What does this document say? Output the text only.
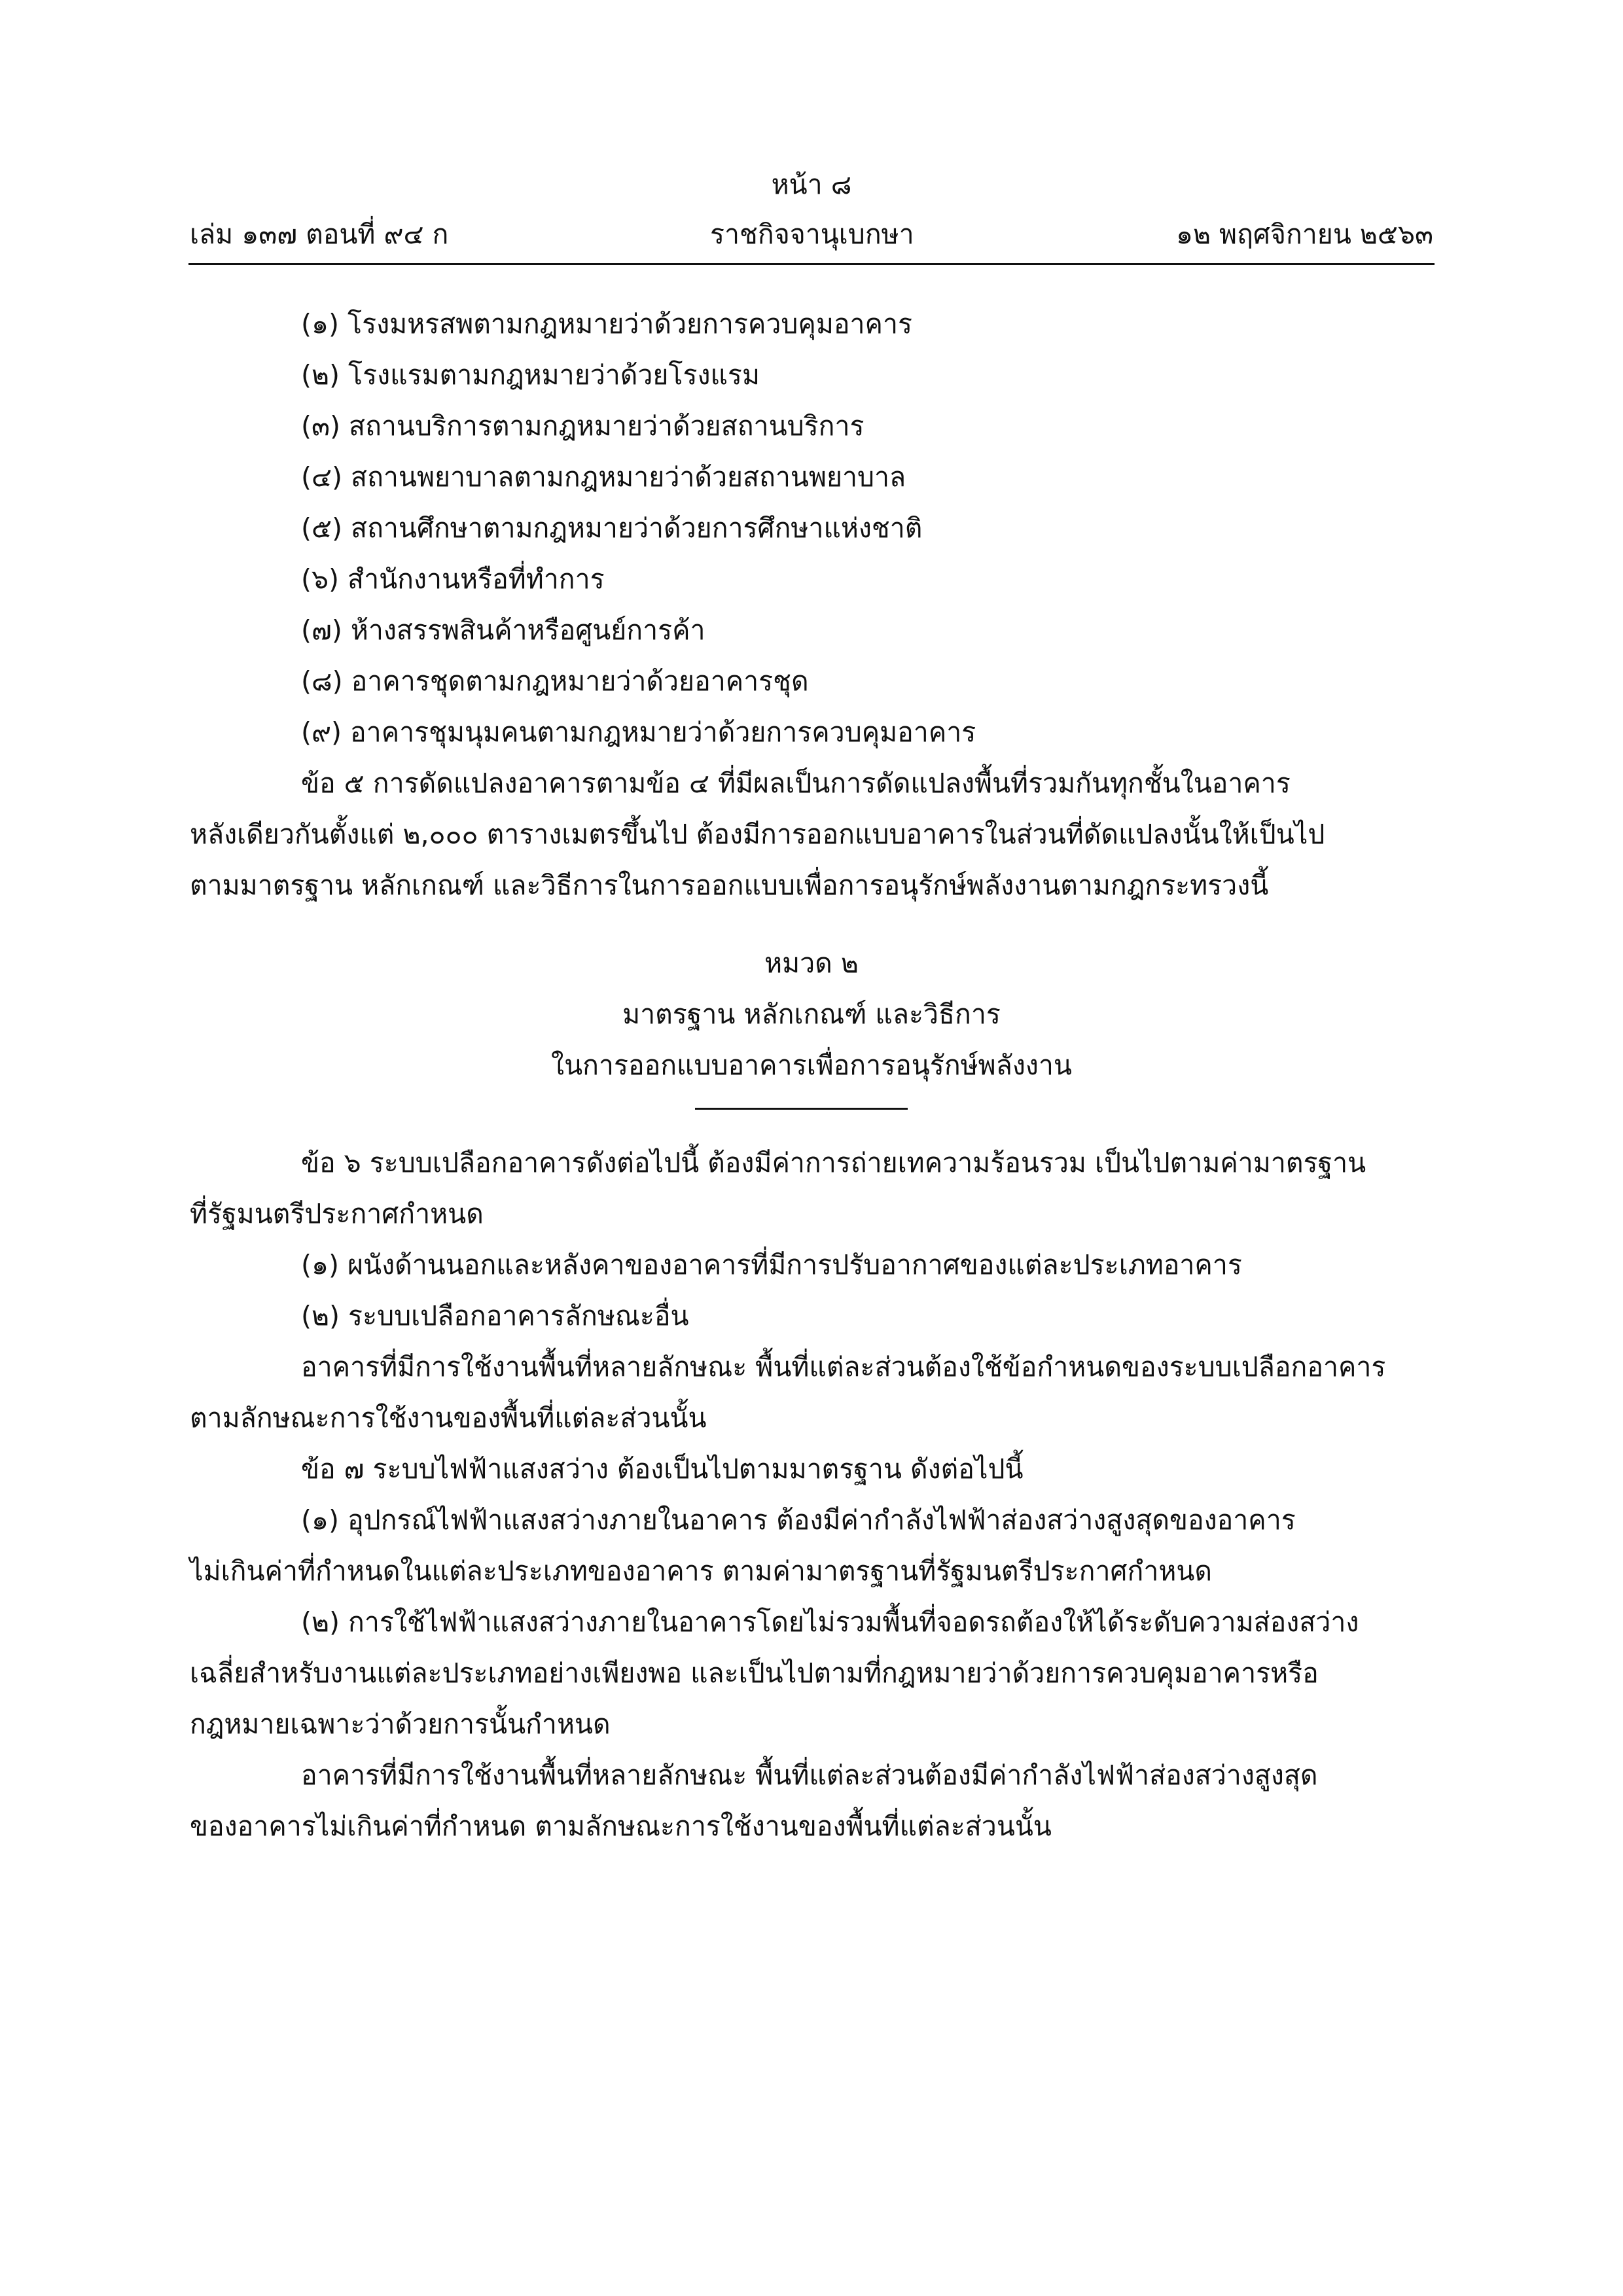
หน้า ๘
เล่ม ๑๓๗ ตอนที่ ๙๔ ก	ราชกิจจานุเบกษา	๑๒ พฤศจิกายน ๒๕๖๓
(๑) โรงมหรสพตามกฎหมายว่าด้วยการควบคุมอาคาร
(๒) โรงแรมตามกฎหมายว่าด้วยโรงแรม
(๓) สถานบริการตามกฎหมายว่าด้วยสถานบริการ
(๔) สถานพยาบาลตามกฎหมายว่าด้วยสถานพยาบาล
(๕) สถานศึกษาตามกฎหมายว่าด้วยการศึกษาแห่งชาติ
(๖) สำนักงานหรือที่ทำการ
(๗) ห้างสรรพสินค้าหรือศูนย์การค้า
(๘) อาคารชุดตามกฎหมายว่าด้วยอาคารชุด
(๙) อาคารชุมนุมคนตามกฎหมายว่าด้วยการควบคุมอาคาร
ข้อ ๕ การดัดแปลงอาคารตามข้อ ๔ ที่มีผลเป็นการดัดแปลงพื้นที่รวมกันทุกชั้นในอาคาร
หลังเดียวกันตั้งแต่ ๒,๐๐๐ ตารางเมตรขึ้นไป ต้องมีการออกแบบอาคารในส่วนที่ดัดแปลงนั้นให้เป็นไป
ตามมาตรฐาน หลักเกณฑ์ และวิธีการในการออกแบบเพื่อการอนุรักษ์พลังงานตามกฎกระทรวงนี้
หมวด ๒
มาตรฐาน หลักเกณฑ์ และวิธีการ
ในการออกแบบอาคารเพื่อการอนุรักษ์พลังงาน
ข้อ ๖ ระบบเปลือกอาคารดังต่อไปนี้ ต้องมีค่าการถ่ายเทความร้อนรวม เป็นไปตามค่ามาตรฐาน
ที่รัฐมนตรีประกาศกำหนด
(๑) ผนังด้านนอกและหลังคาของอาคารที่มีการปรับอากาศของแต่ละประเภทอาคาร
(๒) ระบบเปลือกอาคารลักษณะอื่น
อาคารที่มีการใช้งานพื้นที่หลายลักษณะ พื้นที่แต่ละส่วนต้องใช้ข้อกำหนดของระบบเปลือกอาคาร
ตามลักษณะการใช้งานของพื้นที่แต่ละส่วนนั้น
ข้อ ๗ ระบบไฟฟ้าแสงสว่าง ต้องเป็นไปตามมาตรฐาน ดังต่อไปนี้
(๑) อุปกรณ์ไฟฟ้าแสงสว่างภายในอาคาร ต้องมีค่ากำลังไฟฟ้าส่องสว่างสูงสุดของอาคาร
ไม่เกินค่าที่กำหนดในแต่ละประเภทของอาคาร ตามค่ามาตรฐานที่รัฐมนตรีประกาศกำหนด
(๒) การใช้ไฟฟ้าแสงสว่างภายในอาคารโดยไม่รวมพื้นที่จอดรถต้องให้ได้ระดับความส่องสว่าง
เฉลี่ยสำหรับงานแต่ละประเภทอย่างเพียงพอ และเป็นไปตามที่กฎหมายว่าด้วยการควบคุมอาคารหรือ
กฎหมายเฉพาะว่าด้วยการนั้นกำหนด
อาคารที่มีการใช้งานพื้นที่หลายลักษณะ พื้นที่แต่ละส่วนต้องมีค่ากำลังไฟฟ้าส่องสว่างสูงสุด
ของอาคารไม่เกินค่าที่กำหนด ตามลักษณะการใช้งานของพื้นที่แต่ละส่วนนั้น
